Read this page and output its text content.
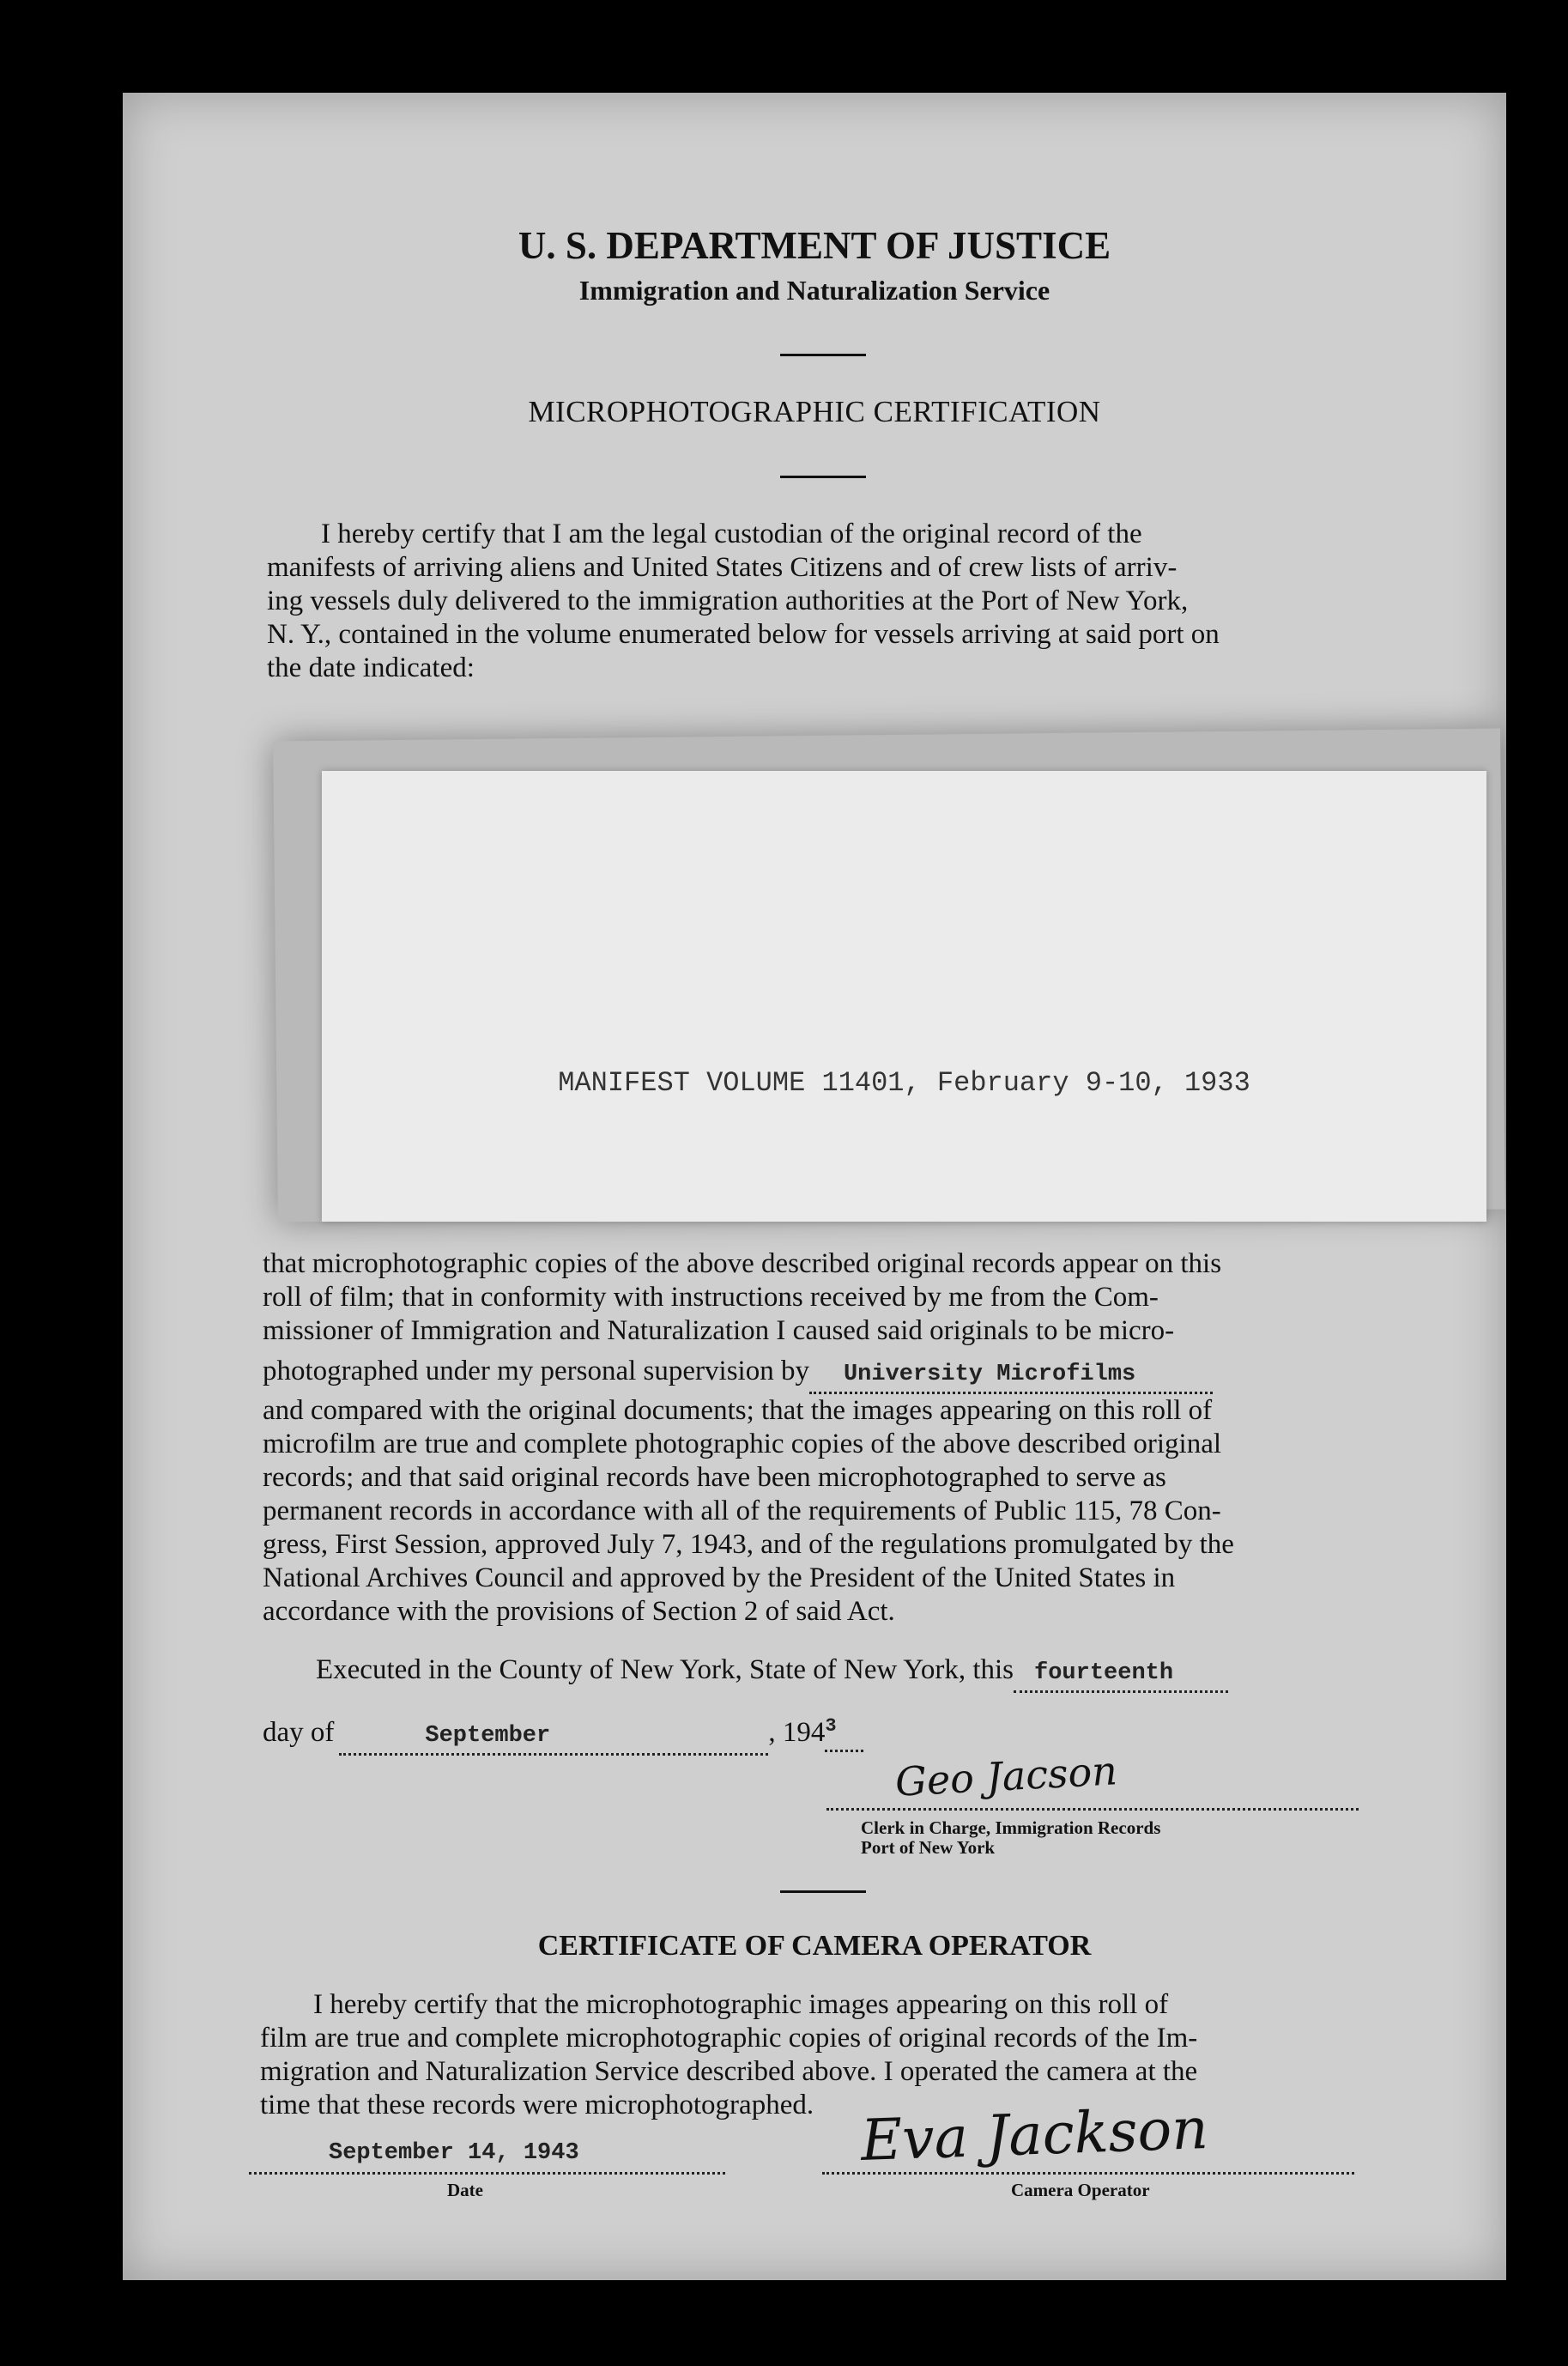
U. S. DEPARTMENT OF JUSTICE

Immigration and Naturalization Service

MICROPHOTOGRAPHIC CERTIFICATION

I hereby certify that I am the legal custodian of the original record of the
manifests of arriving aliens and United States Citizens and of crew lists of arriv-
ing vessels duly delivered to the immigration authorities at the Port of New York,
N. Y., contained in the volume enumerated below for vessels arriving at said port on
the date indicated:

MANIFEST VOLUME 11401, February 9-10, 1933

that microphotographic copies of the above described original records appear on this
roll of film; that in conformity with instructions received by me from the Com-
missioner of Immigration and Naturalization I caused said originals to be micro-
photographed under my personal supervision by University Microfilms
and compared with the original documents; that the images appearing on this roll of
microfilm are true and complete photographic copies of the above described original
records; and that said original records have been microphotographed to serve as
permanent records in accordance with all of the requirements of Public 115, 78 Con-
gress, First Session, approved July 7, 1943, and of the regulations promulgated by the
National Archives Council and approved by the President of the United States in
accordance with the provisions of Section 2 of said Act.
Executed in the County of New York, State of New York, this fourteenth
day of	September	, $194^3$
Geo Jacson
Clerk in Charge, Immigration Records
Port of New York

CERTIFICATE OF CAMERA OPERATOR

I hereby certify that the microphotographic images appearing on this roll of
film are true and complete microphotographic copies of original records of the Im-
migration and Naturalization Service described above. I operated the camera at the
time that these records were microphotographed.
September 14, 1943
Date
Eva Jackson
Camera Operator
